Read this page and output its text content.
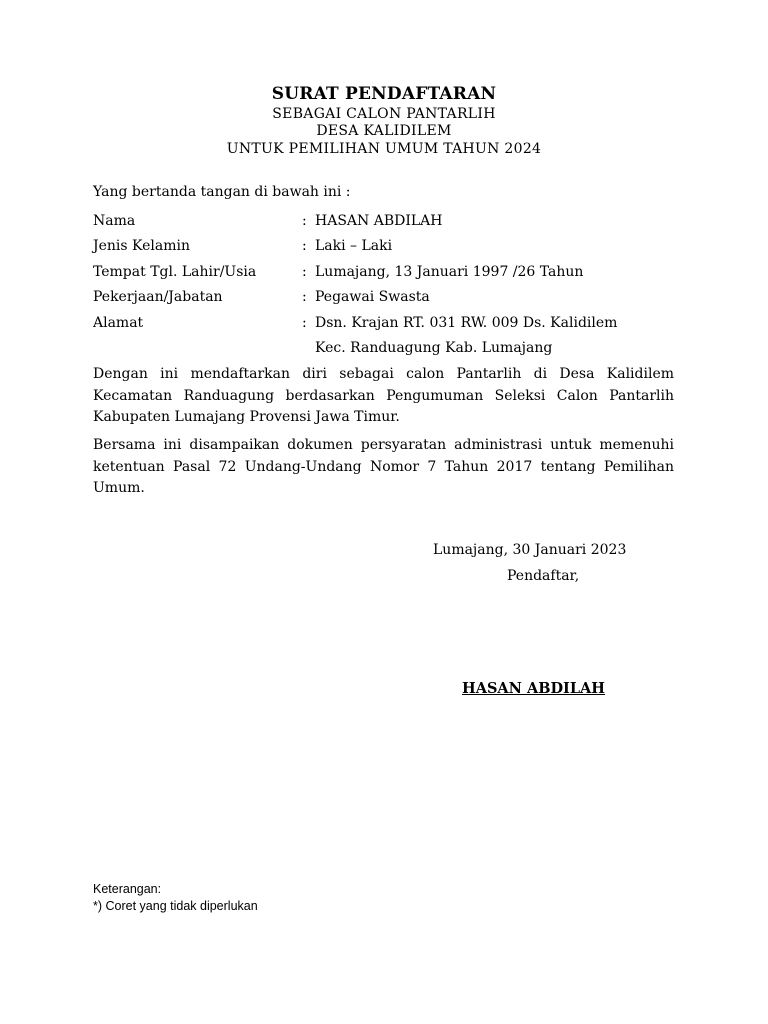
SURAT PENDAFTARAN
SEBAGAI CALON PANTARLIH
DESA KALIDILEM
UNTUK PEMILIHAN UMUM TAHUN 2024
Yang bertanda tangan di bawah ini :
Nama	: HASAN ABDILAH
Jenis Kelamin	: Laki – Laki
Tempat Tgl. Lahir/Usia	: Lumajang, 13 Januari 1997 /26 Tahun
Pekerjaan/Jabatan	: Pegawai Swasta
Alamat	: Dsn. Krajan RT. 031 RW. 009 Ds. Kalidilem
Kec. Randuagung Kab. Lumajang
Dengan ini mendaftarkan diri sebagai calon Pantarlih di Desa Kalidilem Kecamatan Randuagung berdasarkan Pengumuman Seleksi Calon Pantarlih Kabupaten Lumajang Provensi Jawa Timur.
Bersama ini disampaikan dokumen persyaratan administrasi untuk memenuhi ketentuan Pasal 72 Undang-Undang Nomor 7 Tahun 2017 tentang Pemilihan Umum.
Lumajang, 30 Januari 2023
Pendaftar,
HASAN ABDILAH
Keterangan:
*) Coret yang tidak diperlukan
